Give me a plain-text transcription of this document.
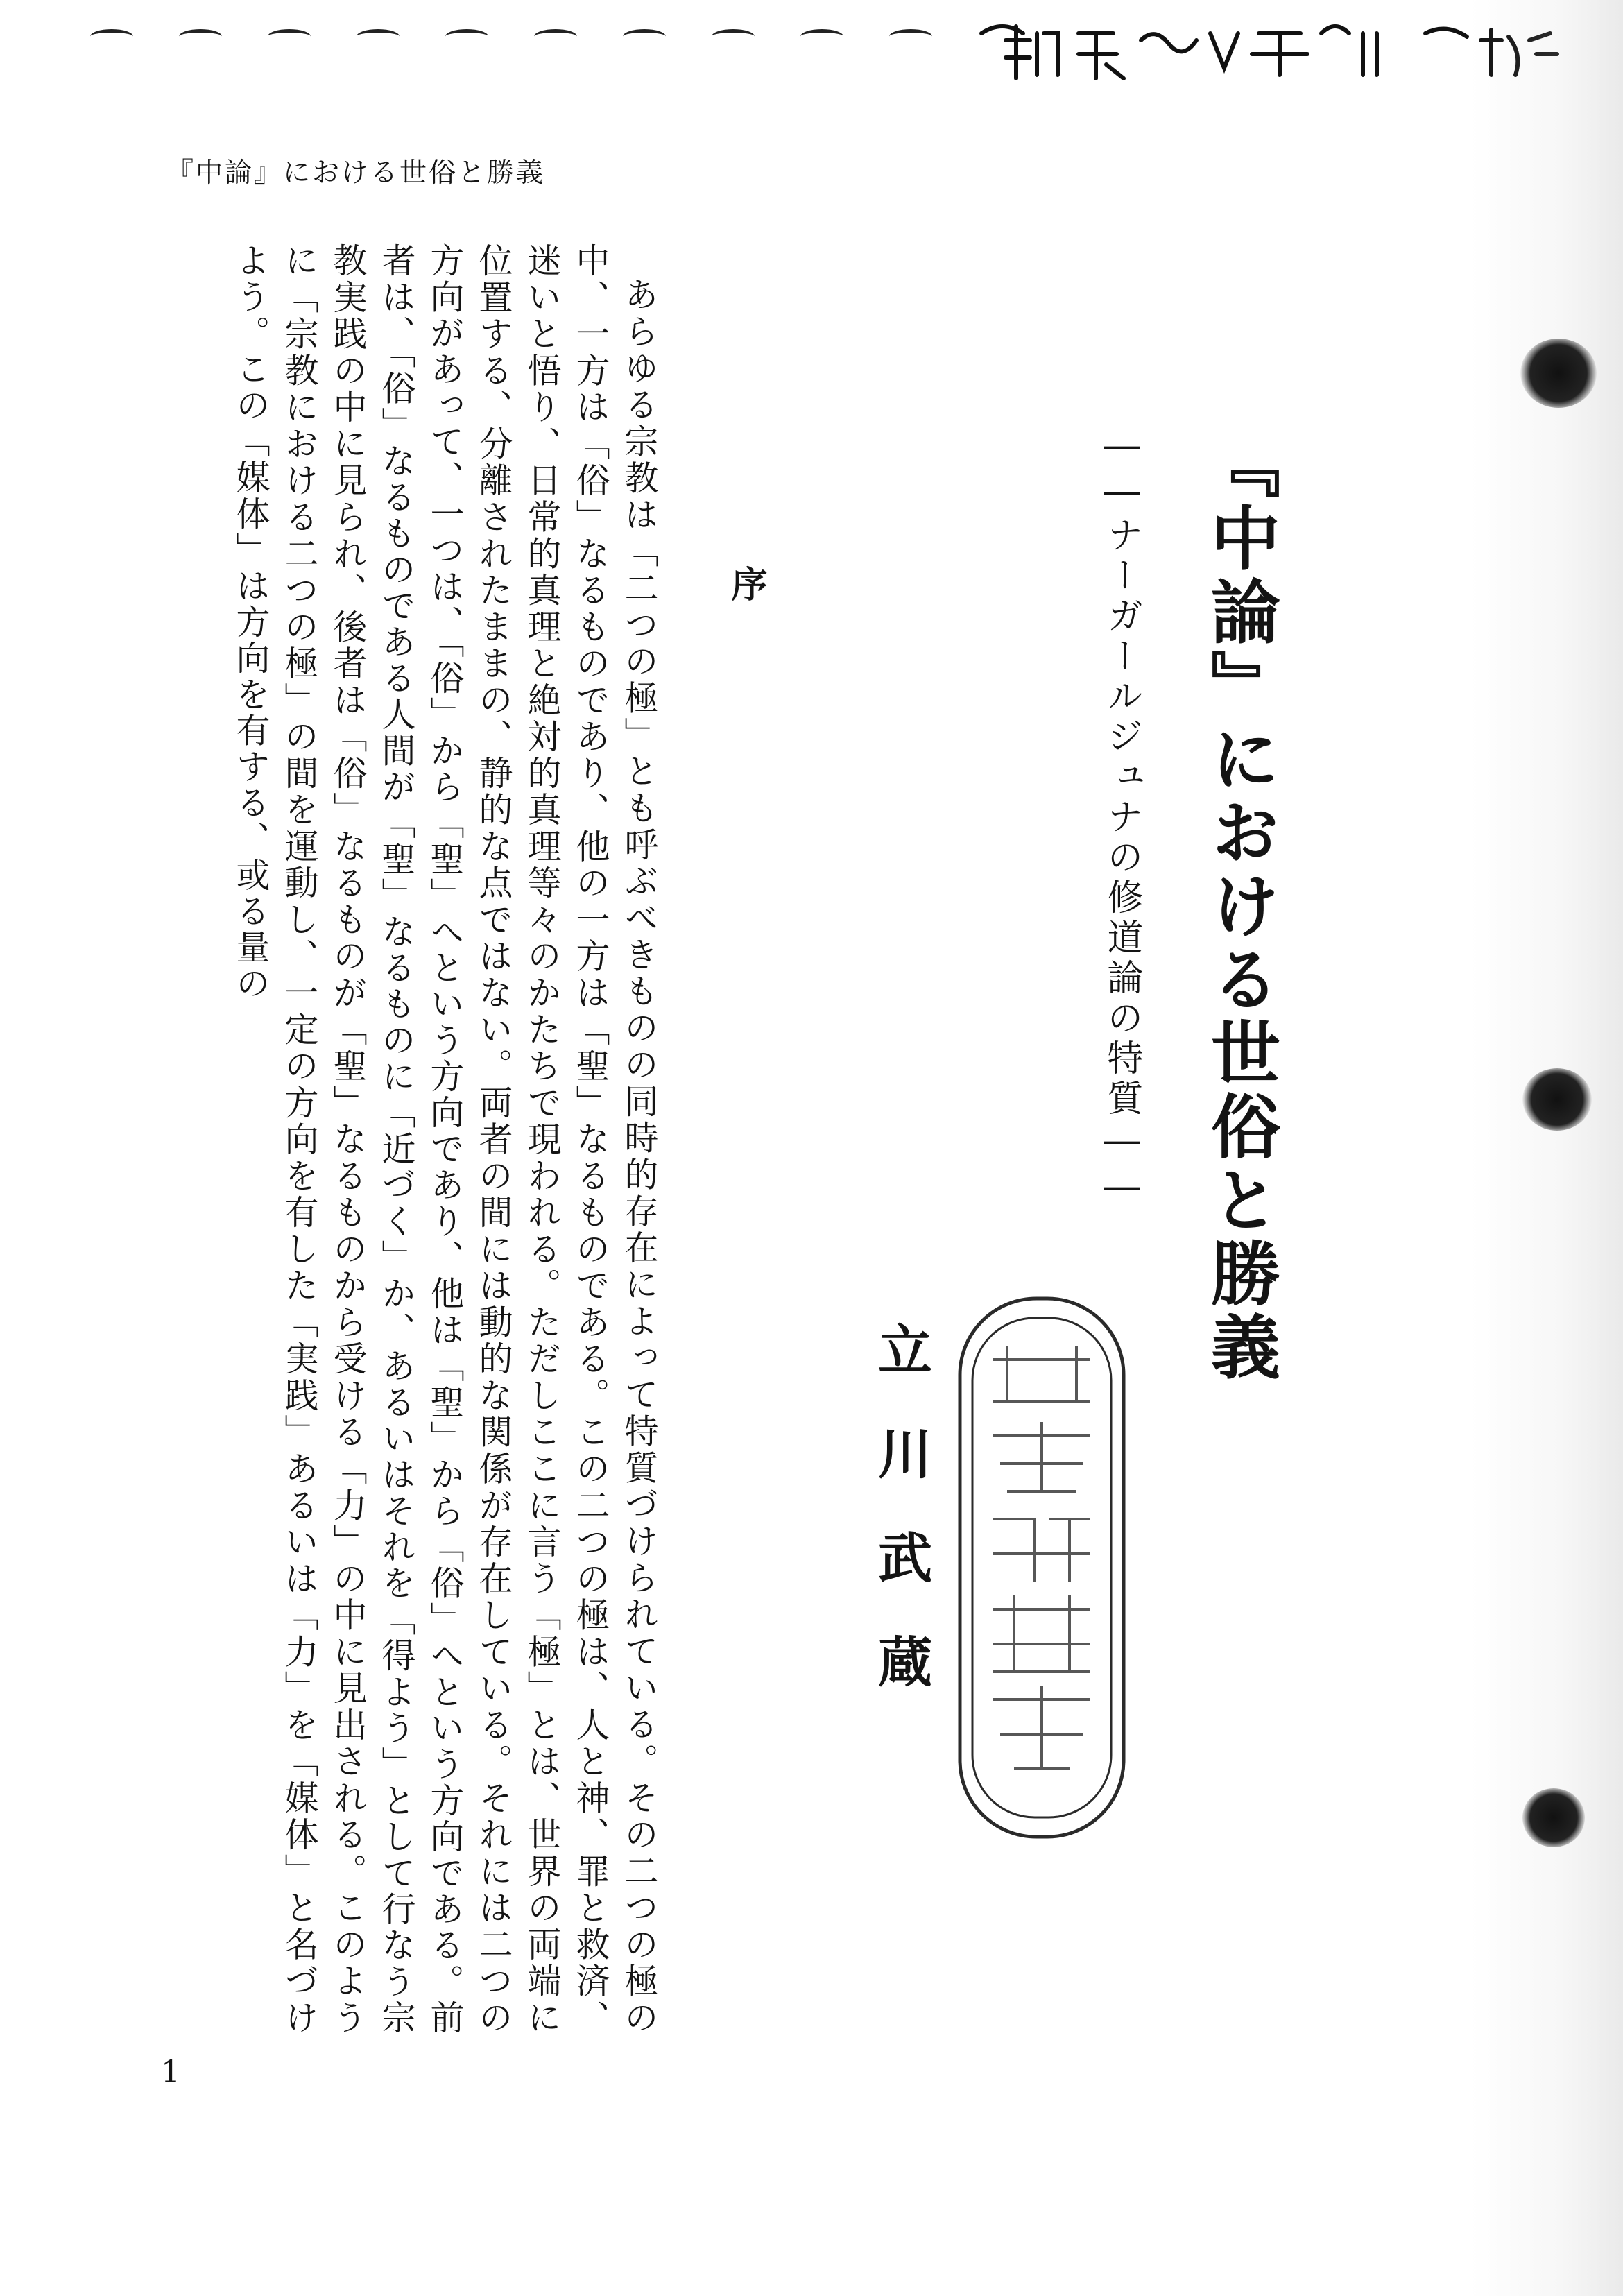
『中論』における世俗と勝義
1
『中論』における世俗と勝義
――ナーガールジュナの修道論の特質――
立川武蔵
序

あらゆる宗教は「二つの極」とも呼ぶべきものの同時的存在によって特質づけられている。その二つの極の中、一方は「俗」なるものであり、他の一方は「聖」なるものである。この二つの極は、人と神、罪と救済、迷いと悟り、日常的真理と絶対的真理等々のかたちで現われる。ただしここに言う「極」とは、世界の両端に位置する、分離されたままの、静的な点ではない。両者の間には動的な関係が存在している。それには二つの方向があって、一つは、「俗」から「聖」へという方向であり、他は「聖」から「俗」へという方向である。前者は、「俗」なるものである人間が「聖」なるものに「近づく」か、あるいはそれを「得よう」として行なう宗教実践の中に見られ、後者は「俗」なるものが「聖」なるものから受ける「力」の中に見出される。このように「宗教における二つの極」の間を運動し、一定の方向を有した「実践」あるいは「力」を「媒体」と名づけよう。この「媒体」は方向を有する、或る量の
